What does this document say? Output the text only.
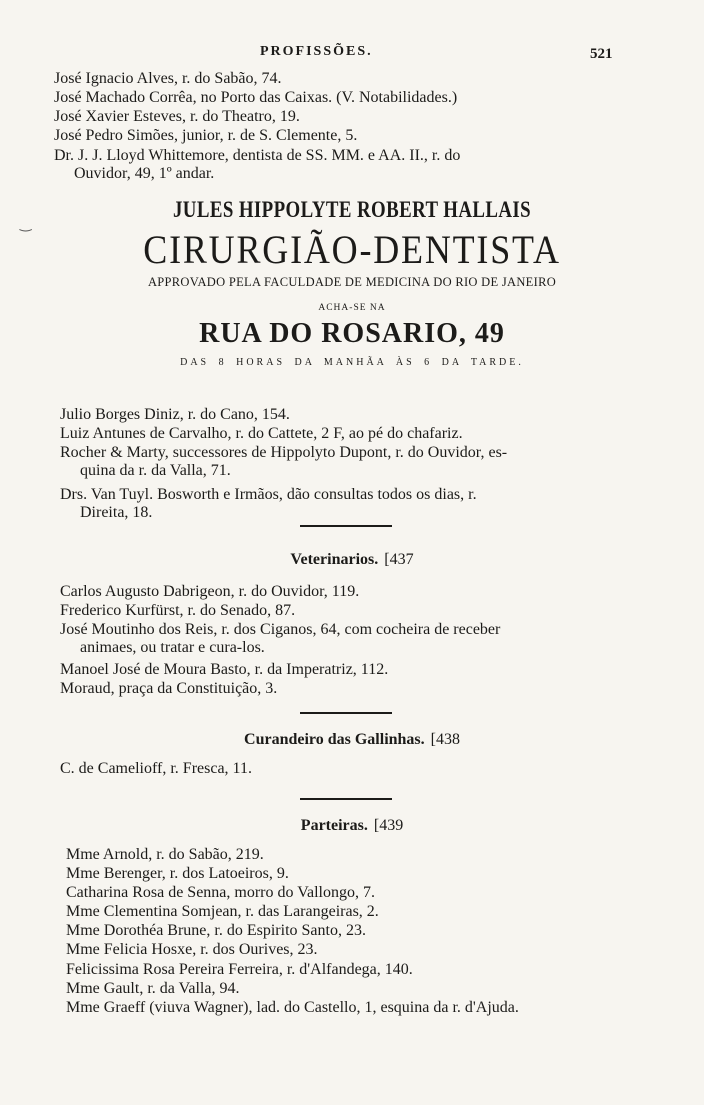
PROFISSÕES.	521
José Ignacio Alves, r. do Sabão, 74.
José Machado Corrêa, no Porto das Caixas. (V. Notabilidades.)
José Xavier Esteves, r. do Theatro, 19.
José Pedro Simões, junior, r. de S. Clemente, 5.
Dr. J. J. Lloyd Whittemore, dentista de SS. MM. e AA. II., r. do
Ouvidor, 49, 1º andar.
JULES HIPPOLYTE ROBERT HALLAIS
CIRURGIÃO-DENTISTA
APPROVADO PELA FACULDADE DE MEDICINA DO RIO DE JANEIRO
ACHA-SE NA
RUA DO ROSARIO, 49
DAS 8 HORAS DA MANHÃA ÀS 6 DA TARDE.
Julio Borges Diniz, r. do Cano, 154.
Luiz Antunes de Carvalho, r. do Cattete, 2 F, ao pé do chafariz.
Rocher & Marty, successores de Hippolyto Dupont, r. do Ouvidor, es-
quina da r. da Valla, 71.
Drs. Van Tuyl. Bosworth e Irmãos, dão consultas todos os dias, r.
Direita, 18.
Veterinarios. [437
Carlos Augusto Dabrigeon, r. do Ouvidor, 119.
Frederico Kurfürst, r. do Senado, 87.
José Moutinho dos Reis, r. dos Ciganos, 64, com cocheira de receber
animaes, ou tratar e cura-los.
Manoel José de Moura Basto, r. da Imperatriz, 112.
Moraud, praça da Constituição, 3.
Curandeiro das Gallinhas. [438
C. de Camelioff, r. Fresca, 11.
Parteiras. [439
Mme Arnold, r. do Sabão, 219.
Mme Berenger, r. dos Latoeiros, 9.
Catharina Rosa de Senna, morro do Vallongo, 7.
Mme Clementina Somjean, r. das Larangeiras, 2.
Mme Dorothéa Brune, r. do Espirito Santo, 23.
Mme Felicia Hosxe, r. dos Ourives, 23.
Felicissima Rosa Pereira Ferreira, r. d'Alfandega, 140.
Mme Gault, r. da Valla, 94.
Mme Graeff (viuva Wagner), lad. do Castello, 1, esquina da r. d'Ajuda.
‿
